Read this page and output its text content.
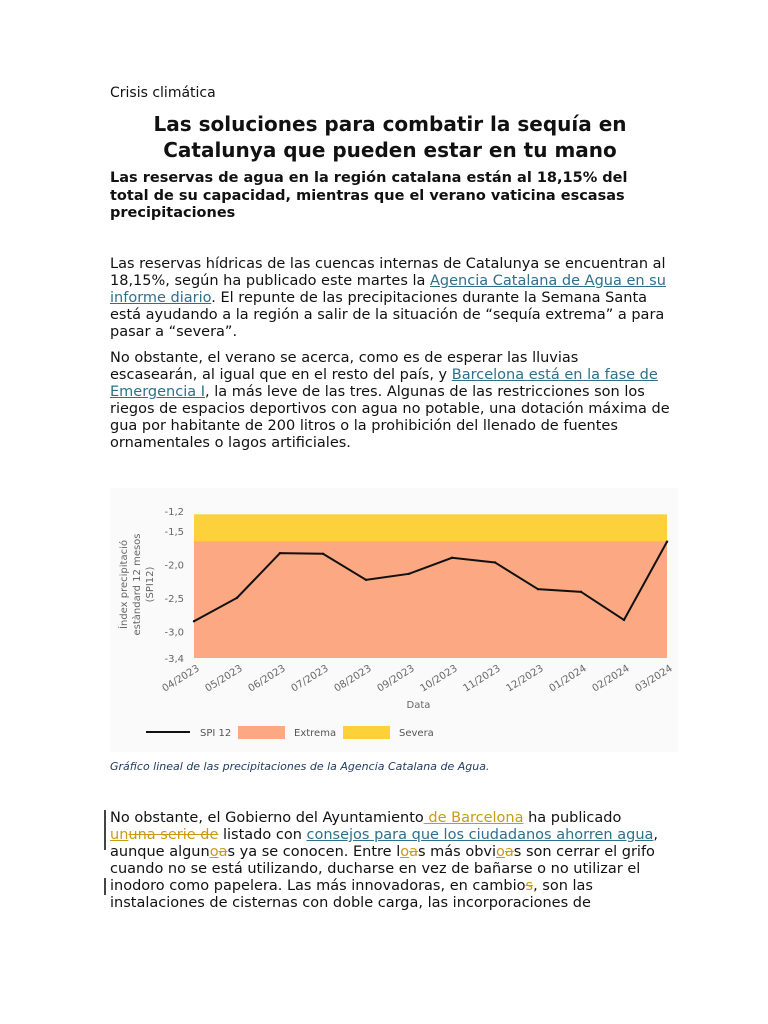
Crisis climática
Las soluciones para combatir la sequía en Catalunya que pueden estar en tu mano
Las reservas de agua en la región catalana están al 18,15% del total de su capacidad, mientras que el verano vaticina escasas precipitaciones

Las reservas hídricas de las cuencas internas de Catalunya se encuentran al 18,15%, según ha publicado este martes la Agencia Catalana de Agua en su informe diario. El repunte de las precipitaciones durante la Semana Santa está ayudando a la región a salir de la situación de “sequía extrema” a para pasar a “severa”.

No obstante, el verano se acerca, como es de esperar las lluvias escasearán, al igual que en el resto del país, y Barcelona está en la fase de Emergencia I, la más leve de las tres. Algunas de las restricciones son los riegos de espacios deportivos con agua no potable, una dotación máxima de gua por habitante de 200 litros o la prohibición del llenado de fuentes ornamentales o lagos artificiales.

No obstante, el Gobierno del Ayuntamiento de Barcelona ha publicado ununa serie de listado con consejos para que los ciudadanos ahorren agua, aunque algunoas ya se conocen. Entre loas más obvioas son cerrar el grifo cuando no se está utilizando, ducharse en vez de bañarse o no utilizar el inodoro como papelera. Las más innovadoras, en cambios, son las instalaciones de cisternas con doble carga, las incorporaciones de

-1,2
-1,5
-2,0
-2,5
-3,0
-3,4
Índex precipitació estàndard 12 mesos (SPI12)
04/2023 05/2023 06/2023 07/2023 08/2023 09/2023 10/2023 11/2023 12/2023 01/2024 02/2024 03/2024
Data
SPI 12	Extrema	Severa
Gráfico lineal de las precipitaciones de la Agencia Catalana de Agua.
